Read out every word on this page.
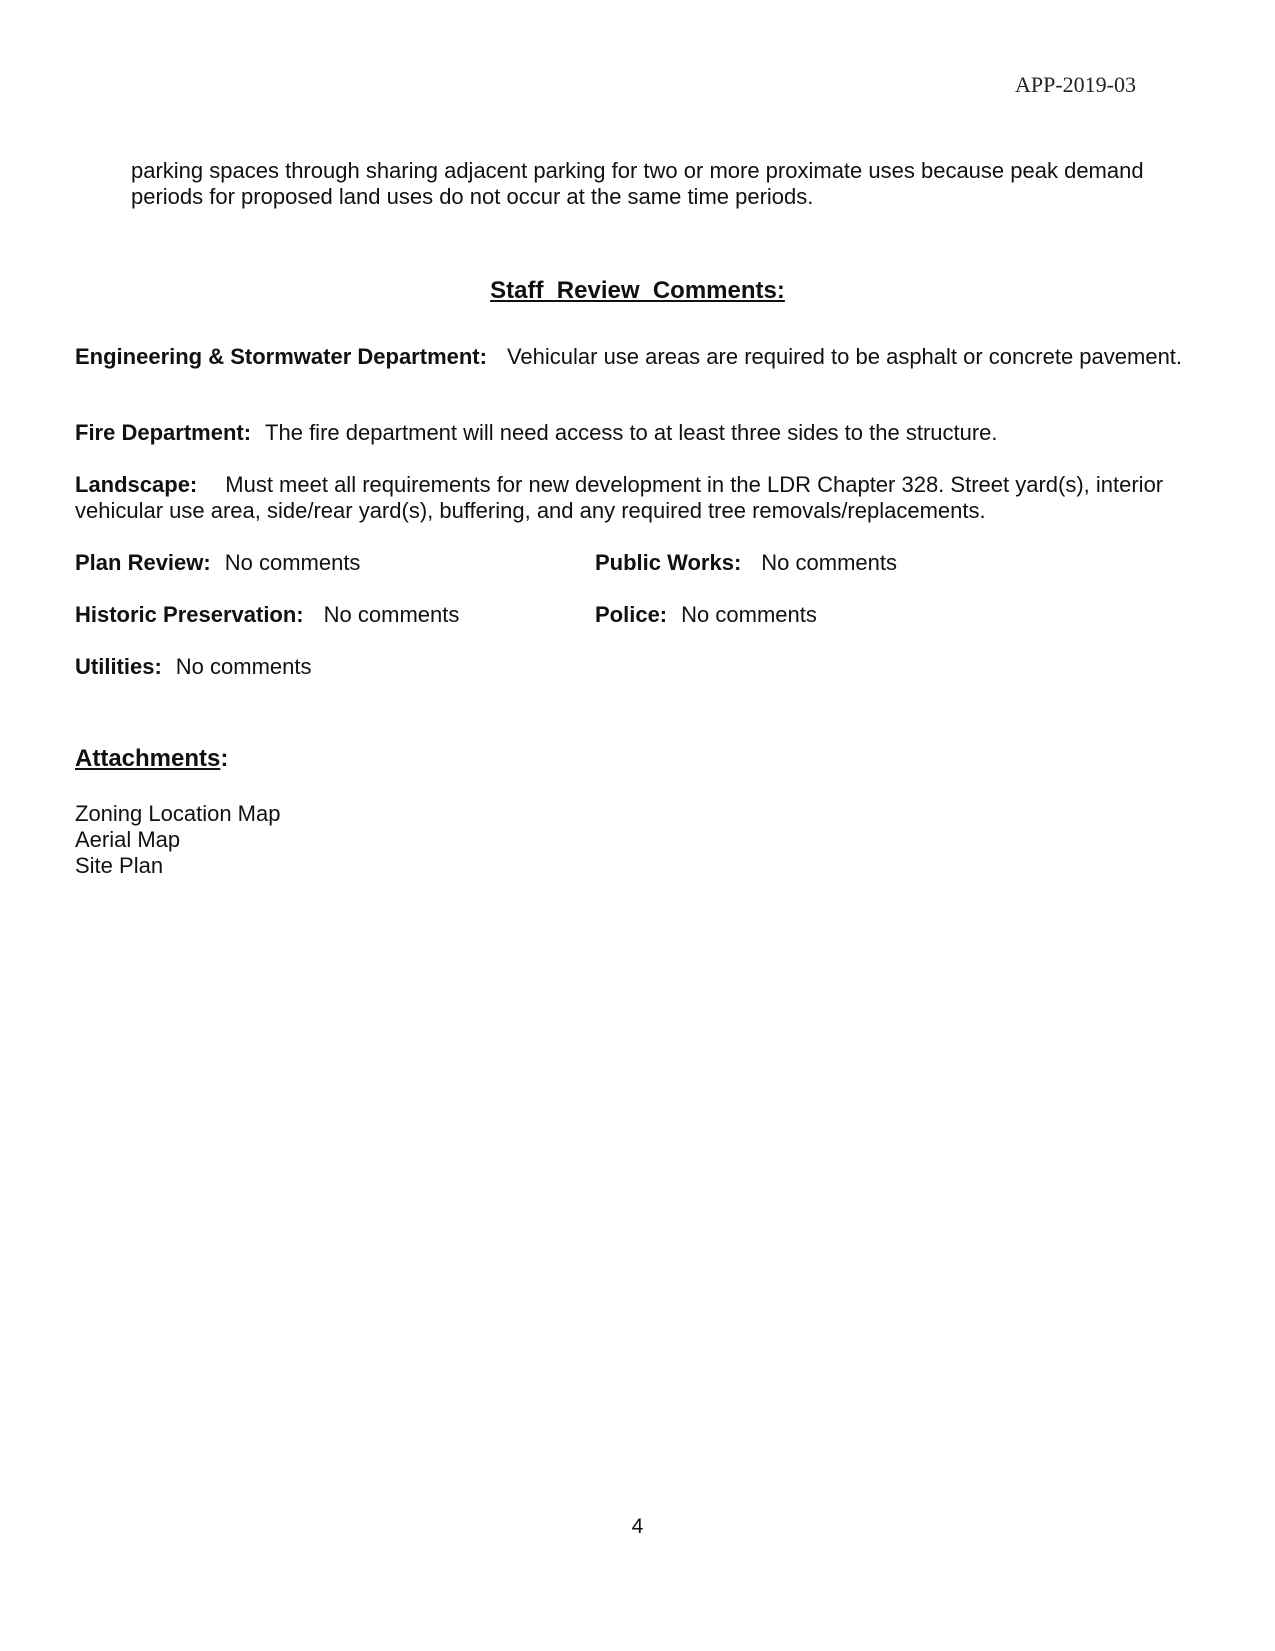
APP-2019-03

parking spaces through sharing adjacent parking for two or more proximate uses because peak demand periods for proposed land uses do not occur at the same time periods.

Staff  Review  Comments:

Engineering & Stormwater Department: Vehicular use areas are required to be asphalt or concrete pavement.

Fire Department: The fire department will need access to at least three sides to the structure.

Landscape: Must meet all requirements for new development in the LDR Chapter 328. Street yard(s), interior vehicular use area, side/rear yard(s), buffering, and any required tree removals/replacements.

Plan Review: No comments	Public Works: No comments

Historic Preservation: No comments	Police: No comments

Utilities: No comments

Attachments:
Zoning Location Map
Aerial Map
Site Plan
4
